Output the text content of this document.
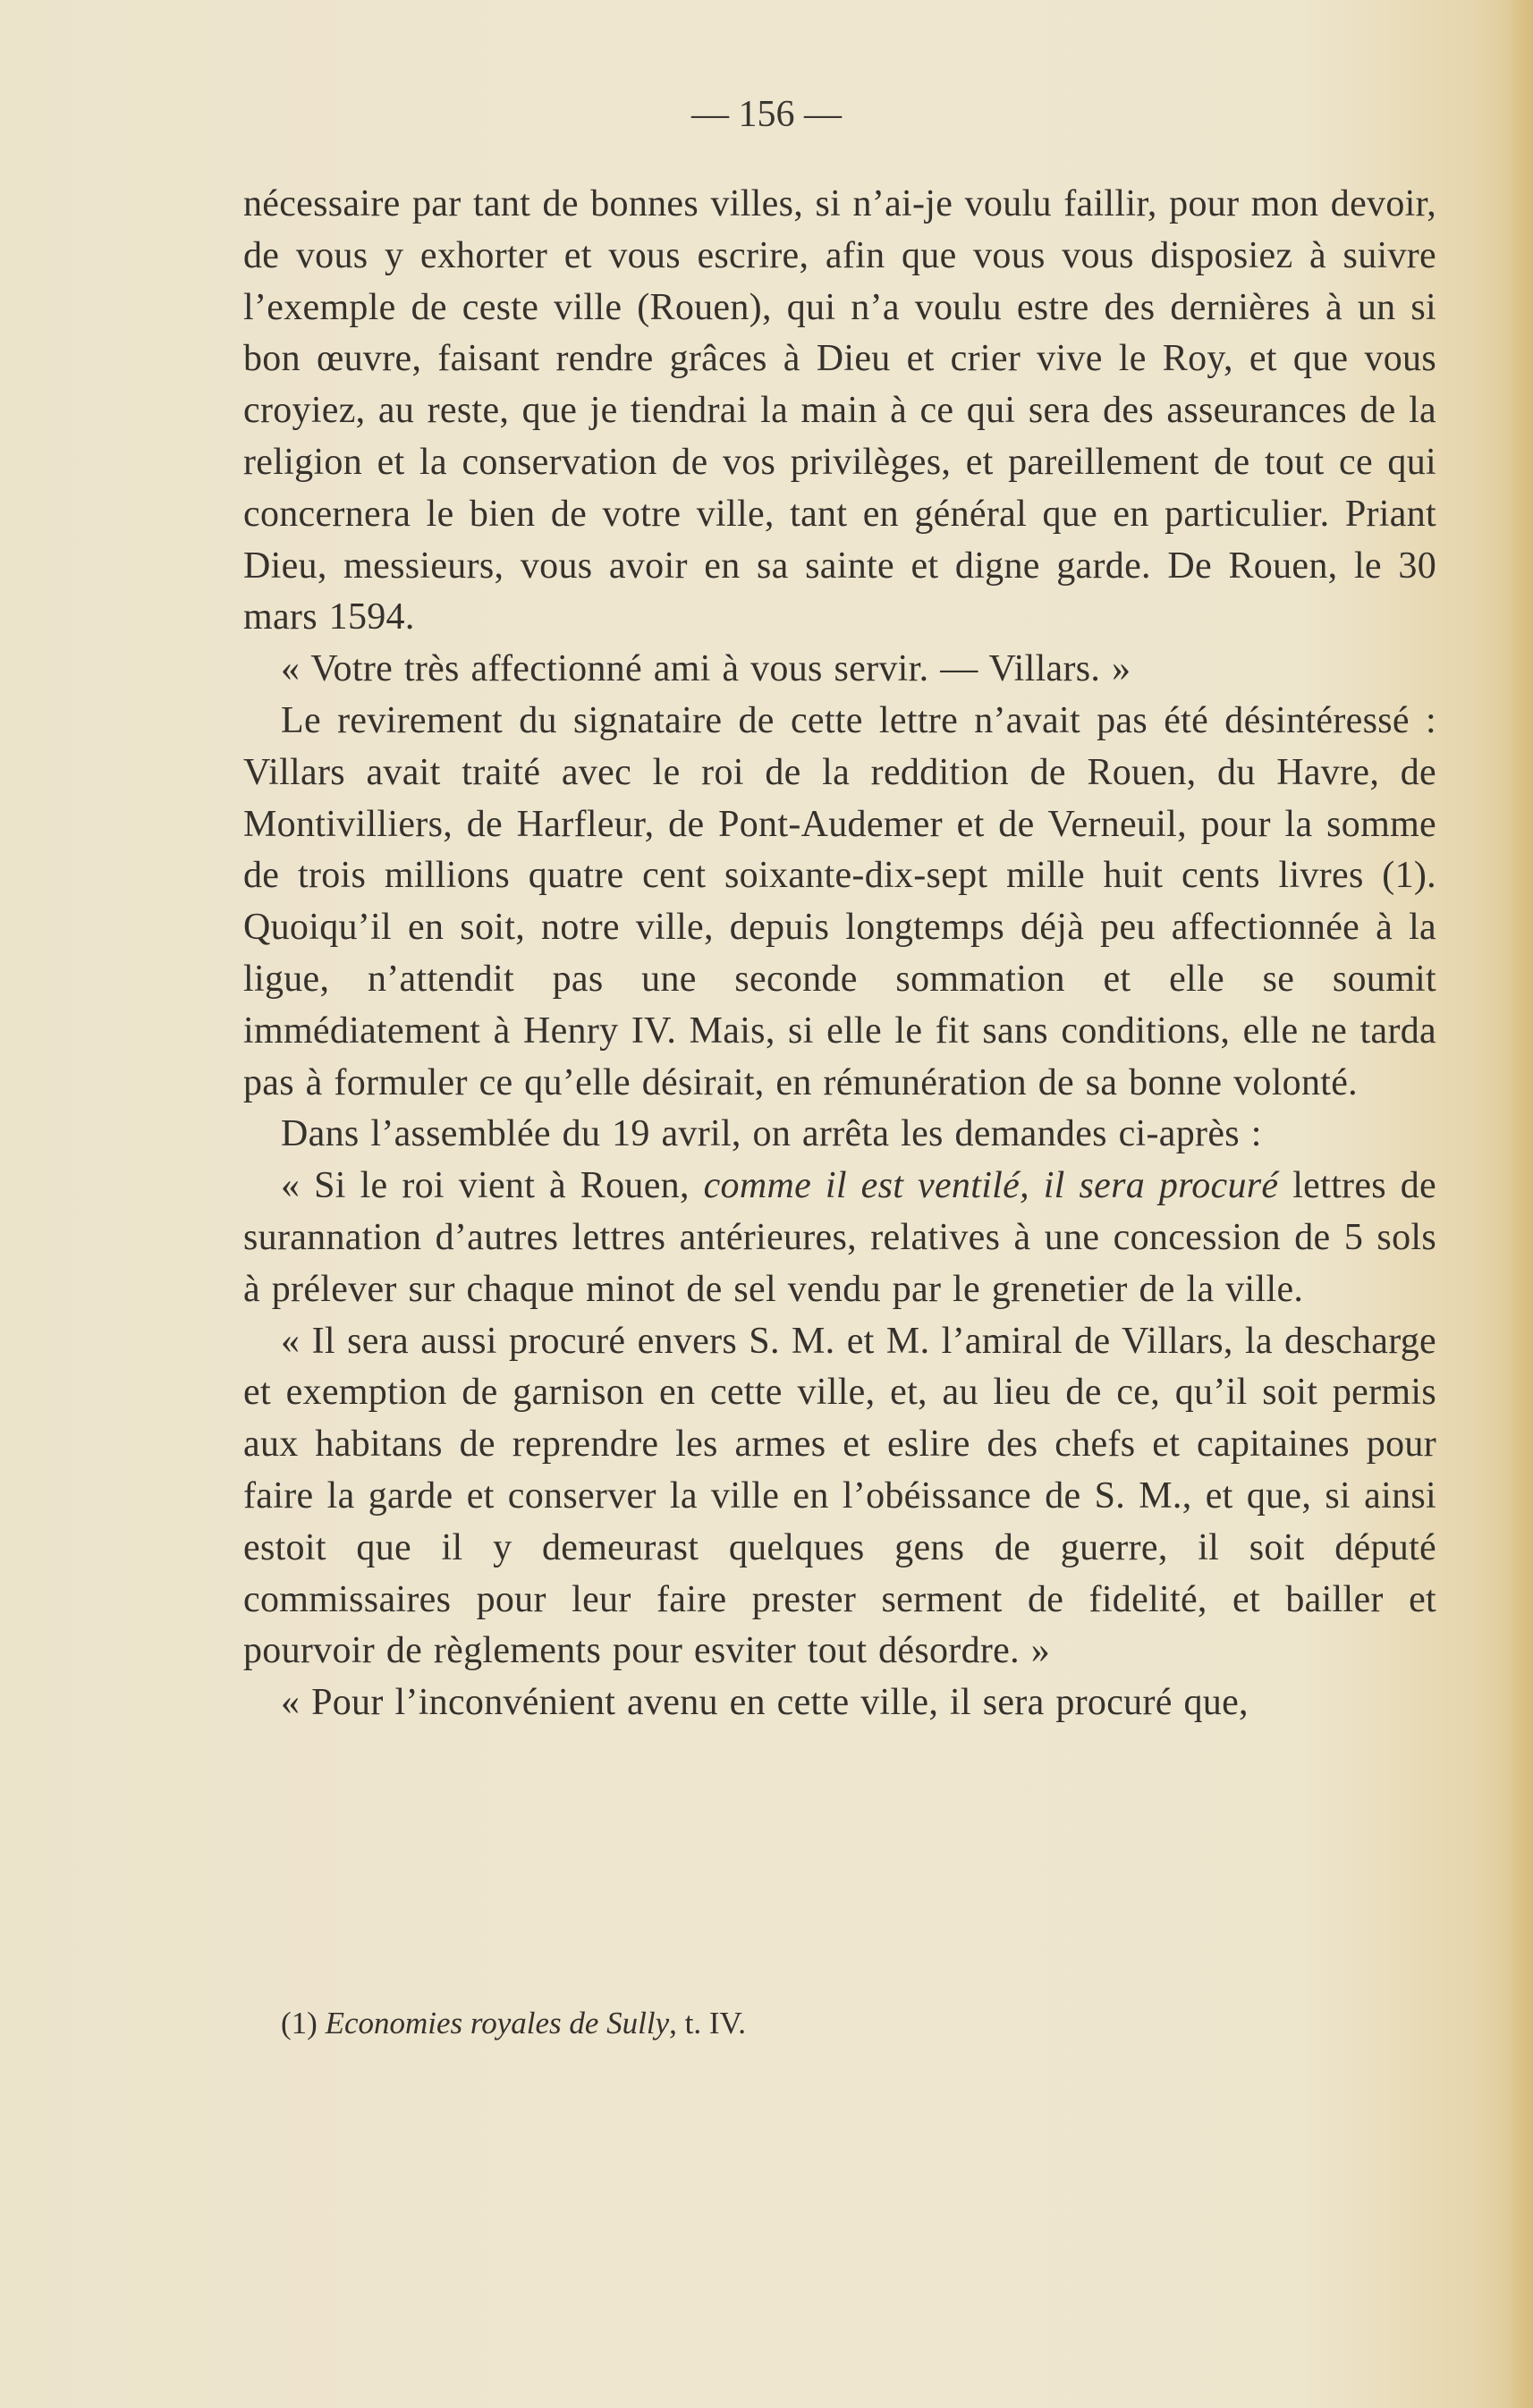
— 156 —

nécessaire par tant de bonnes villes, si n’ai-je voulu faillir, pour mon devoir, de vous y exhorter et vous escrire, afin que vous vous disposiez à suivre l’exemple de ceste ville (Rouen), qui n’a voulu estre des dernières à un si bon œuvre, faisant rendre grâces à Dieu et crier vive le Roy, et que vous croyiez, au reste, que je tiendrai la main à ce qui sera des asseurances de la religion et la conservation de vos privilèges, et pareillement de tout ce qui concernera le bien de votre ville, tant en général que en particulier. Priant Dieu, messieurs, vous avoir en sa sainte et digne garde. De Rouen, le 30 mars 1594.

« Votre très affectionné ami à vous servir. — Villars. »

Le revirement du signataire de cette lettre n’avait pas été désintéressé : Villars avait traité avec le roi de la reddition de Rouen, du Havre, de Montivilliers, de Harfleur, de Pont-Audemer et de Verneuil, pour la somme de trois millions quatre cent soixante-dix-sept mille huit cents livres (1). Quoiqu’il en soit, notre ville, depuis longtemps déjà peu affectionnée à la ligue, n’attendit pas une seconde sommation et elle se soumit immédiatement à Henry IV. Mais, si elle le fit sans conditions, elle ne tarda pas à formuler ce qu’elle désirait, en rémunération de sa bonne volonté.

Dans l’assemblée du 19 avril, on arrêta les demandes ci-après :

« Si le roi vient à Rouen, comme il est ventilé, il sera procuré lettres de surannation d’autres lettres antérieures, relatives à une concession de 5 sols à prélever sur chaque minot de sel vendu par le grenetier de la ville.

« Il sera aussi procuré envers S. M. et M. l’amiral de Villars, la descharge et exemption de garnison en cette ville, et, au lieu de ce, qu’il soit permis aux habitans de reprendre les armes et eslire des chefs et capitaines pour faire la garde et conserver la ville en l’obéissance de S. M., et que, si ainsi estoit que il y demeurast quelques gens de guerre, il soit député commissaires pour leur faire prester serment de fidelité, et bailler et pourvoir de règlements pour esviter tout désordre. »

« Pour l’inconvénient avenu en cette ville, il sera procuré que,

(1) Economies royales de Sully, t. IV.
